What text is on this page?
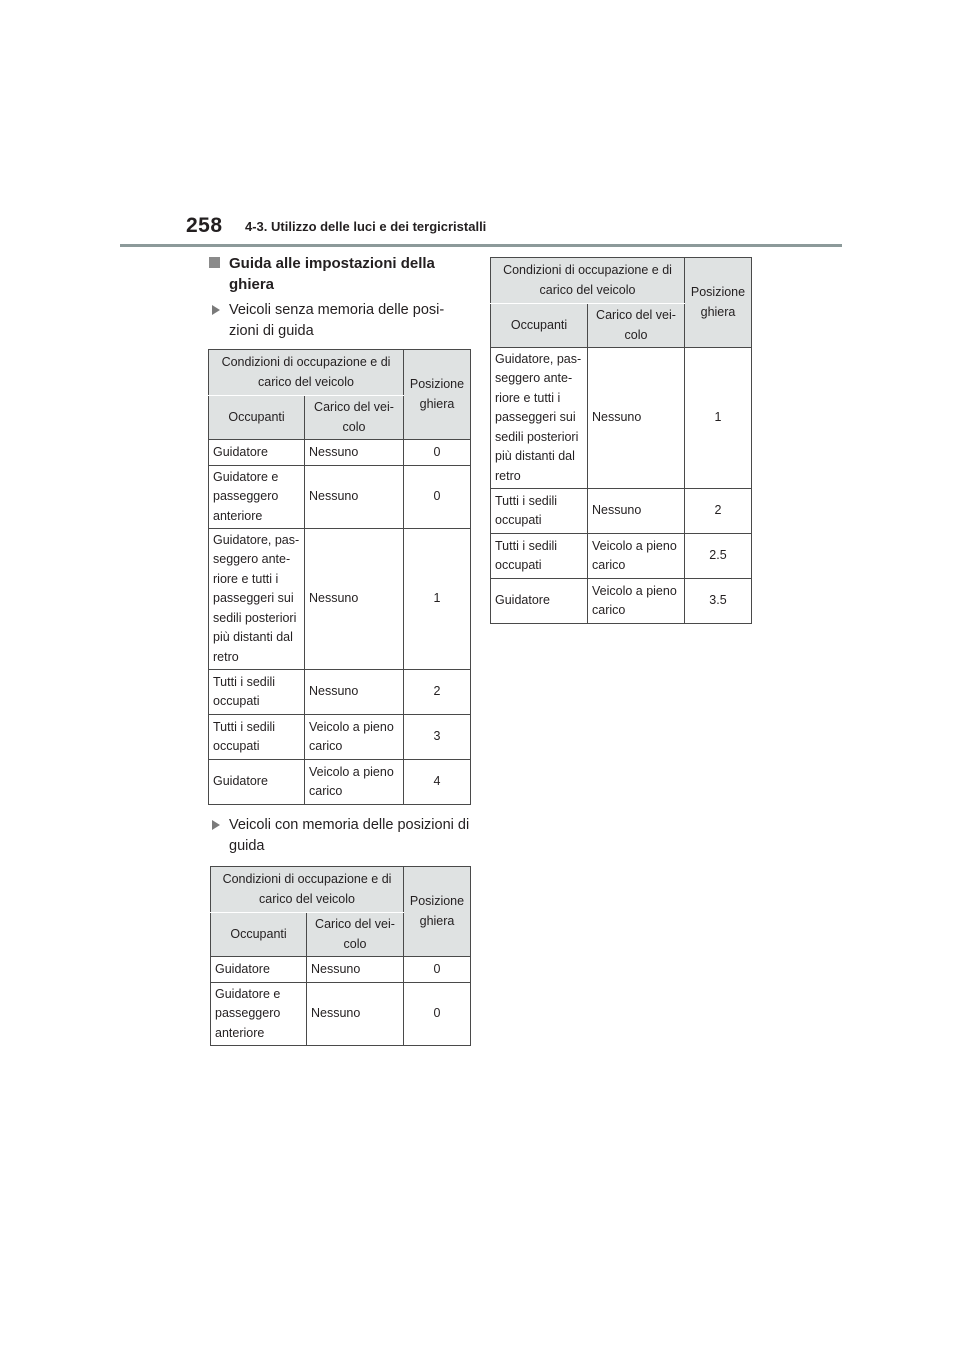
258 4-3. Utilizzo delle luci e dei tergicristalli
Guida alle impostazioni della ghiera
Veicoli senza memoria delle posi-zioni di guida
Condizioni di occupazione e di carico del veicolo		Posizione ghiera
Occupanti	Carico del vei-colo	
Guidatore	Nessuno	0
Guidatore e passeggero anteriore	Nessuno	0
Guidatore, pas-seggero ante-riore e tutti i passeggeri sui sedili posteriori più distanti dal retro	Nessuno	1
Tutti i sedili occupati	Nessuno	2
Tutti i sedili occupati	Veicolo a pieno carico	3
Guidatore	Veicolo a pieno carico	4
Veicoli con memoria delle posizioni di guida
Condizioni di occupazione e di carico del veicolo		Posizione ghiera
Occupanti	Carico del vei-colo	
Guidatore	Nessuno	0
Guidatore e passeggero anteriore	Nessuno	0
Condizioni di occupazione e di carico del veicolo		Posizione ghiera
Occupanti	Carico del vei-colo	
Guidatore, pas-seggero ante-riore e tutti i passeggeri sui sedili posteriori più distanti dal retro	Nessuno	1
Tutti i sedili occupati	Nessuno	2
Tutti i sedili occupati	Veicolo a pieno carico	2.5
Guidatore	Veicolo a pieno carico	3.5
